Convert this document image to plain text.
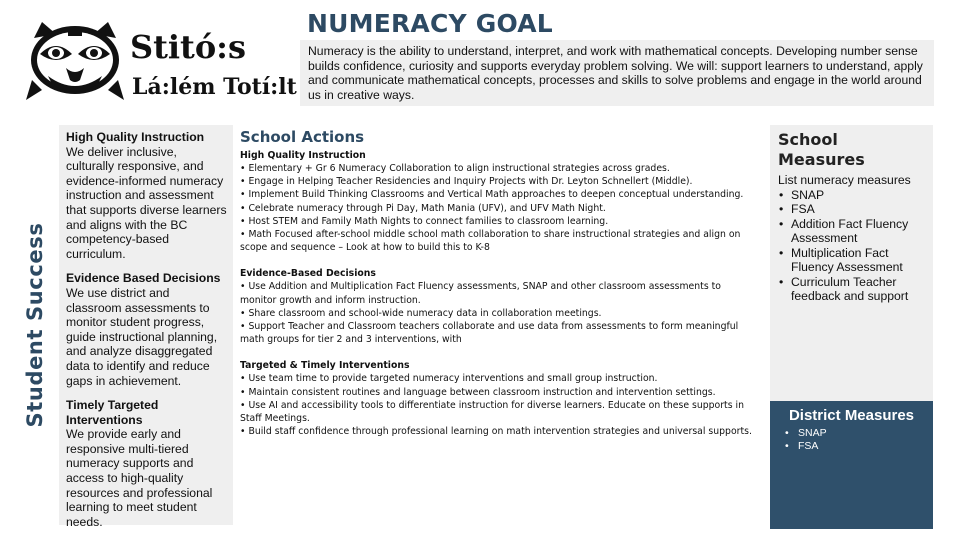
Stitó:s
Lá:lém Totí:lt
NUMERACY GOAL
Numeracy is the ability to understand, interpret, and work with mathematical concepts. Developing number sense builds confidence, curiosity and supports everyday problem solving. We will: support learners to understand, apply and communicate mathematical concepts, processes and skills to solve problems and engage in the world around us in creative ways.
Student Success
High Quality Instruction
We deliver inclusive, culturally responsive, and evidence-informed numeracy instruction and assessment that supports diverse learners and aligns with the BC competency-based curriculum.
Evidence Based Decisions
We use district and classroom assessments to monitor student progress, guide instructional planning, and analyze disaggregated data to identify and reduce gaps in achievement.
Timely Targeted Interventions
We provide early and responsive multi-tiered numeracy supports and access to high-quality resources and professional learning to meet student needs.
School Actions
High Quality Instruction
• Elementary + Gr 6 Numeracy Collaboration to align instructional strategies across grades.
• Engage in Helping Teacher Residencies and Inquiry Projects with Dr. Leyton Schnellert (Middle).
• Implement Build Thinking Classrooms and Vertical Math approaches to deepen conceptual understanding.
• Celebrate numeracy through Pi Day, Math Mania (UFV), and UFV Math Night.
• Host STEM and Family Math Nights to connect families to classroom learning.
• Math Focused after-school middle school math collaboration to share instructional strategies and align on scope and sequence – Look at how to build this to K-8
Evidence-Based Decisions
• Use Addition and Multiplication Fact Fluency assessments, SNAP and other classroom assessments to monitor growth and inform instruction.
• Share classroom and school-wide numeracy data in collaboration meetings.
• Support Teacher and Classroom teachers collaborate and use data from assessments to form meaningful math groups for tier 2 and 3 interventions, with
Targeted & Timely Interventions
• Use team time to provide targeted numeracy interventions and small group instruction.
• Maintain consistent routines and language between classroom instruction and intervention settings.
• Use AI and accessibility tools to differentiate instruction for diverse learners. Educate on these supports in Staff Meetings.
• Build staff confidence through professional learning on math intervention strategies and universal supports.
School Measures
List numeracy measures
• SNAP
• FSA
• Addition Fact Fluency Assessment
• Multiplication Fact Fluency Assessment
• Curriculum Teacher feedback and support
District Measures
• SNAP
• FSA
